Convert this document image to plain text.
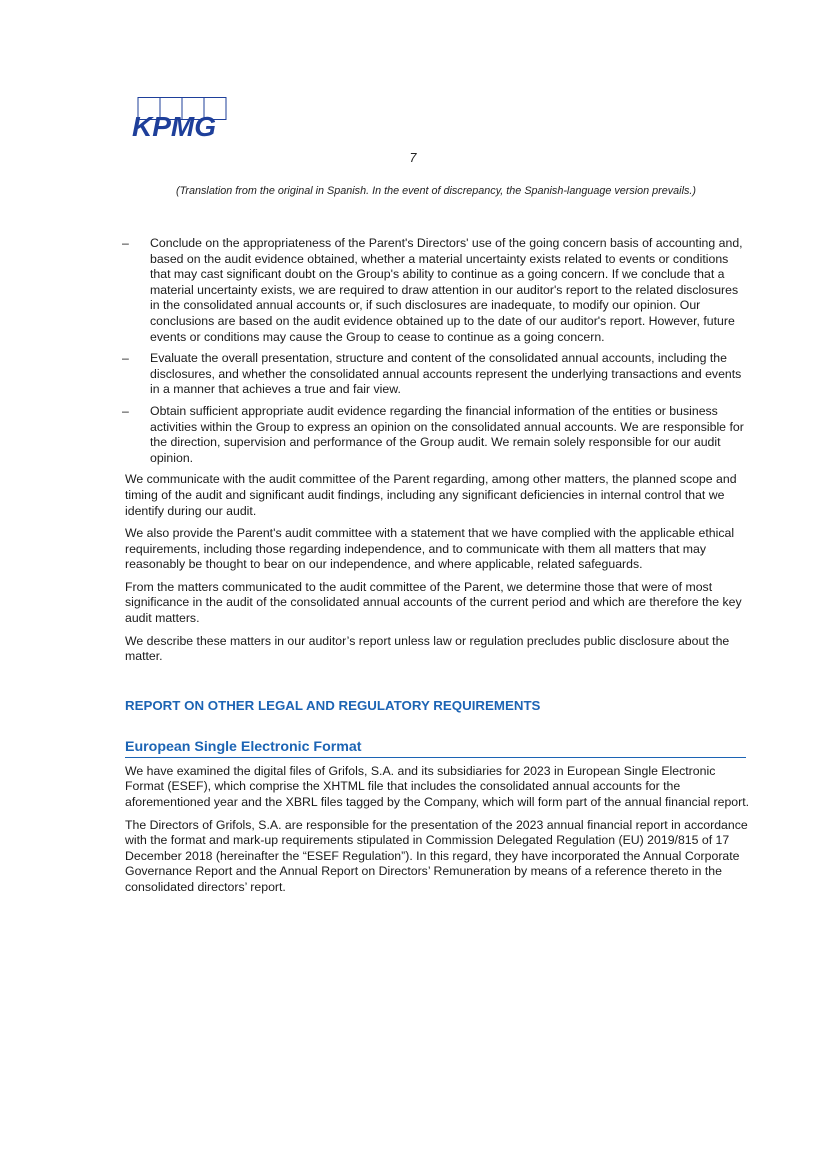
KPMG
7
(Translation from the original in Spanish. In the event of discrepancy, the Spanish-language version prevails.)
– Conclude on the appropriateness of the Parent's Directors' use of the going concern basis of accounting and, based on the audit evidence obtained, whether a material uncertainty exists related to events or conditions that may cast significant doubt on the Group's ability to continue as a going concern. If we conclude that a material uncertainty exists, we are required to draw attention in our auditor's report to the related disclosures in the consolidated annual accounts or, if such disclosures are inadequate, to modify our opinion. Our conclusions are based on the audit evidence obtained up to the date of our auditor's report. However, future events or conditions may cause the Group to cease to continue as a going concern.
– Evaluate the overall presentation, structure and content of the consolidated annual accounts, including the disclosures, and whether the consolidated annual accounts represent the underlying transactions and events in a manner that achieves a true and fair view.
– Obtain sufficient appropriate audit evidence regarding the financial information of the entities or business activities within the Group to express an opinion on the consolidated annual accounts. We are responsible for the direction, supervision and performance of the Group audit. We remain solely responsible for our audit opinion.

We communicate with the audit committee of the Parent regarding, among other matters, the planned scope and timing of the audit and significant audit findings, including any significant deficiencies in internal control that we identify during our audit.

We also provide the Parent's audit committee with a statement that we have complied with the applicable ethical requirements, including those regarding independence, and to communicate with them all matters that may reasonably be thought to bear on our independence, and where applicable, related safeguards.

From the matters communicated to the audit committee of the Parent, we determine those that were of most significance in the audit of the consolidated annual accounts of the current period and which are therefore the key audit matters.

We describe these matters in our auditor’s report unless law or regulation precludes public disclosure about the matter.

REPORT ON OTHER LEGAL AND REGULATORY REQUIREMENTS
European Single Electronic Format

We have examined the digital files of Grifols, S.A. and its subsidiaries for 2023 in European Single Electronic Format (ESEF), which comprise the XHTML file that includes the consolidated annual accounts for the aforementioned year and the XBRL files tagged by the Company, which will form part of the annual financial report.

The Directors of Grifols, S.A. are responsible for the presentation of the 2023 annual financial report in accordance with the format and mark-up requirements stipulated in Commission Delegated Regulation (EU) 2019/815 of 17 December 2018 (hereinafter the “ESEF Regulation”). In this regard, they have incorporated the Annual Corporate Governance Report and the Annual Report on Directors’ Remuneration by means of a reference thereto in the consolidated directors’ report.
